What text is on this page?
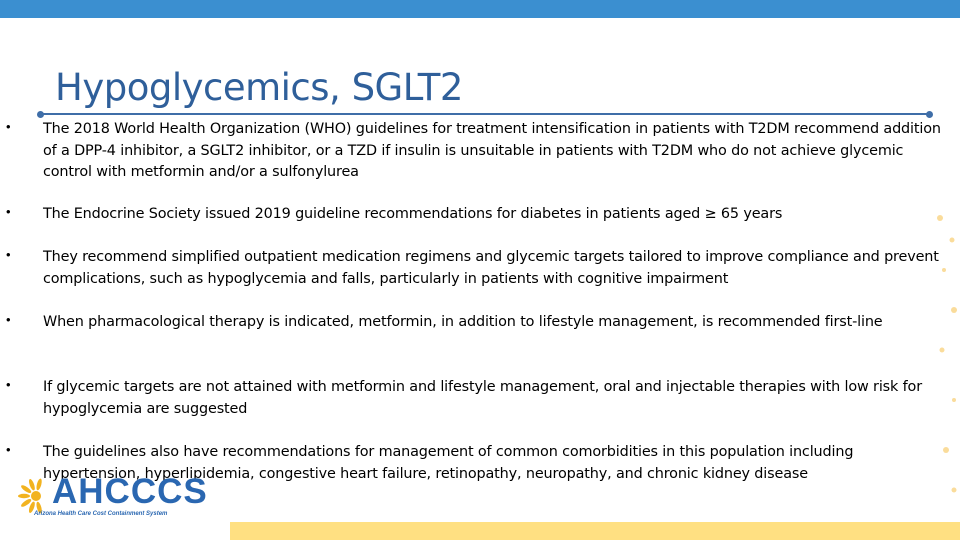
Hypoglycemics, SGLT2
• The 2018 World Health Organization (WHO) guidelines for treatment intensification in patients with T2DM recommend addition of a DPP-4 inhibitor, a SGLT2 inhibitor, or a TZD if insulin is unsuitable in patients with T2DM who do not achieve glycemic control with metformin and/or a sulfonylurea
• The Endocrine Society issued 2019 guideline recommendations for diabetes in patients aged ≥ 65 years
• They recommend simplified outpatient medication regimens and glycemic targets tailored to improve compliance and prevent complications, such as hypoglycemia and falls, particularly in patients with cognitive impairment
• When pharmacological therapy is indicated, metformin, in addition to lifestyle management, is recommended first-line
• If glycemic targets are not attained with metformin and lifestyle management, oral and injectable therapies with low risk for hypoglycemia are suggested
• The guidelines also have recommendations for management of common comorbidities in this population including hypertension, hyperlipidemia, congestive heart failure, retinopathy, neuropathy, and chronic kidney disease
AHCCCS
Arizona Health Care Cost Containment System
